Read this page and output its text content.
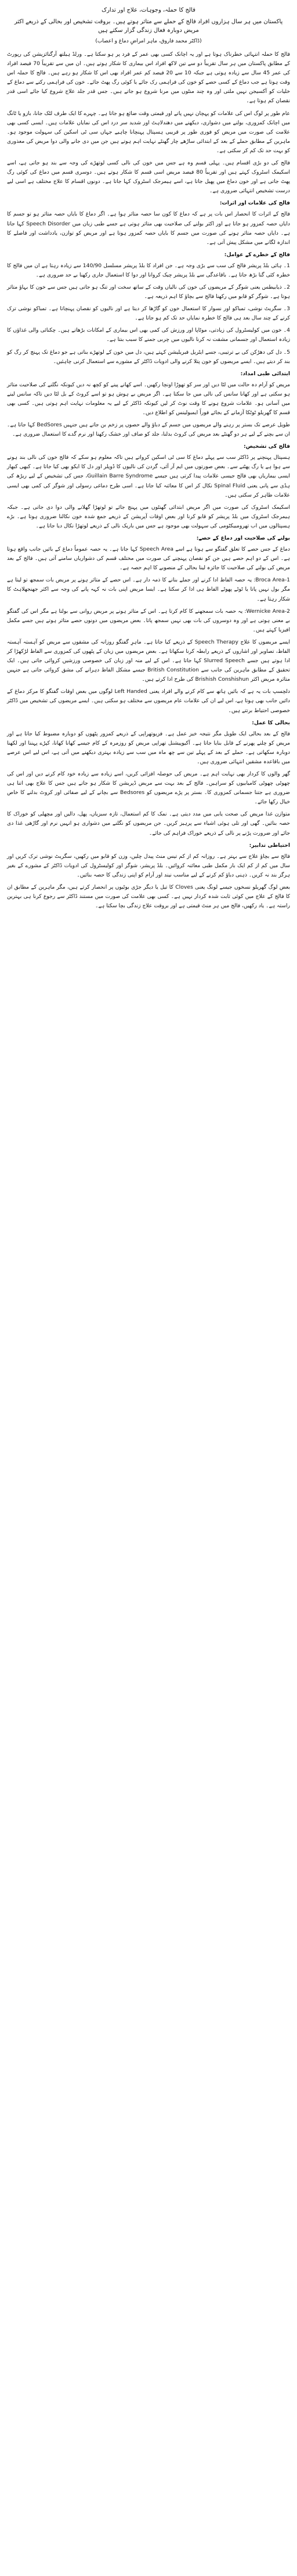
فالج کا حملہ، وجوہات، علاج اور تدارک
پاکستان میں ہر سال ہزاروں افراد فالج کے حملے سے متاثر ہوتے ہیں۔ بروقت تشخیص اور بحالی کے ذریعے اکثر مریض دوبارہ فعال زندگی گزار سکتے ہیں
(ڈاکٹر محمد فاروق، ماہر امراضِ دماغ و اعصاب)

فالج کا حملہ انتہائی خطرناک ہوتا ہے اور یہ اچانک کسی بھی عمر کے فرد پر ہو سکتا ہے۔ ورلڈ ہیلتھ آرگنائزیشن کی رپورٹ کے مطابق پاکستان میں ہر سال تقریباً دو سے تین لاکھ افراد اس بیماری کا شکار ہوتے ہیں۔ ان میں سے تقریباً 70 فیصد افراد کی عمر 45 سال سے زیادہ ہوتی ہے جبکہ 10 سے 20 فیصد کم عمر افراد بھی اس کا شکار ہو رہے ہیں۔ فالج کا حملہ اس وقت ہوتا ہے جب دماغ کے کسی حصے کو خون کی فراہمی رک جائے یا کوئی رگ پھٹ جائے۔ خون کی فراہمی رکنے سے دماغ کے خلیات کو آکسیجن نہیں ملتی اور وہ چند منٹوں میں مرنا شروع ہو جاتے ہیں۔ جس قدر جلد علاج شروع کیا جائے اسی قدر نقصان کم ہوتا ہے۔

عام طور پر لوگ اس کی علامات کو پہچان نہیں پاتے اور قیمتی وقت ضائع ہو جاتا ہے۔ چہرے کا ایک طرف لٹک جانا، بازو یا ٹانگ میں اچانک کمزوری، بولنے میں دشواری، دیکھنے میں دھندلاہٹ اور شدید سر درد اس کی نمایاں علامات ہیں۔ ایسی کسی بھی علامت کی صورت میں مریض کو فوری طور پر قریبی ہسپتال پہنچانا چاہیے جہاں سی ٹی اسکین کی سہولت موجود ہو۔ ماہرین کے مطابق حملے کے بعد کے ابتدائی ساڑھے چار گھنٹے نہایت اہم ہوتے ہیں جن میں دی جانے والی دوا مریض کی معذوری کو بہت حد تک کم کر سکتی ہے۔

فالج کی دو بڑی اقسام ہیں۔ پہلی قسم وہ ہے جس میں خون کی نالی کسی لوتھڑے کی وجہ سے بند ہو جاتی ہے، اسے اسکیمک اسٹروک کہتے ہیں اور تقریباً 80 فیصد مریض اسی قسم کا شکار ہوتے ہیں۔ دوسری قسم میں دماغ کی کوئی رگ پھٹ جاتی ہے اور خون دماغ میں پھیل جاتا ہے، اسے ہیمرجک اسٹروک کہا جاتا ہے۔ دونوں اقسام کا علاج مختلف ہے اسی لیے درست تشخیص انتہائی ضروری ہے۔

فالج کی علامات اور اثرات:

فالج کے اثرات کا انحصار اس بات پر ہے کہ دماغ کا کون سا حصہ متاثر ہوا ہے۔ اگر دماغ کا بایاں حصہ متاثر ہو تو جسم کا دایاں حصہ کمزور ہو جاتا ہے اور اکثر بولنے کی صلاحیت بھی متاثر ہوتی ہے جسے طبی زبان میں Speech Disorder کہا جاتا ہے۔ دایاں حصہ متاثر ہونے کی صورت میں جسم کا بایاں حصہ کمزور ہوتا ہے اور مریض کو توازن، یادداشت اور فاصلے کا اندازہ لگانے میں مشکل پیش آتی ہے۔

فالج کے خطرے کے عوامل:

1۔ ہائی بلڈ پریشر فالج کی سب سے بڑی وجہ ہے۔ جن افراد کا بلڈ پریشر مسلسل 140/90 سے زیادہ رہتا ہے ان میں فالج کا خطرہ کئی گنا بڑھ جاتا ہے۔ باقاعدگی سے بلڈ پریشر چیک کروانا اور دوا کا استعمال جاری رکھنا بے حد ضروری ہے۔

2۔ ذیابیطس یعنی شوگر کے مریضوں کی خون کی نالیاں وقت کے ساتھ سخت اور تنگ ہو جاتی ہیں جس سے خون کا بہاؤ متاثر ہوتا ہے۔ شوگر کو قابو میں رکھنا فالج سے بچاؤ کا اہم ذریعہ ہے۔

3۔ سگریٹ نوشی، تمباکو اور نسوار کا استعمال خون کو گاڑھا کر دیتا ہے اور نالیوں کو نقصان پہنچاتا ہے۔ تمباکو نوشی ترک کرنے کے چند سال بعد ہی فالج کا خطرہ نمایاں حد تک کم ہو جاتا ہے۔

4۔ خون میں کولیسٹرول کی زیادتی، موٹاپا اور ورزش کی کمی بھی اس بیماری کے امکانات بڑھاتے ہیں۔ چکنائی والی غذاؤں کا زیادہ استعمال اور جسمانی مشقت نہ کرنا نالیوں میں چربی جمنے کا سبب بنتا ہے۔

5۔ دل کی دھڑکن کی بے ترتیبی، جسے ایٹریل فبریلیشن کہتے ہیں، دل میں خون کے لوتھڑے بناتی ہے جو دماغ تک پہنچ کر رگ کو بند کر دیتے ہیں۔ ایسے مریضوں کو خون پتلا کرنے والی ادویات ڈاکٹر کے مشورے سے استعمال کرنی چاہئیں۔

ابتدائی طبی امداد:

مریض کو آرام دہ حالت میں لٹا دیں اور سر کو تھوڑا اونچا رکھیں۔ اسے کھانے پینے کو کچھ نہ دیں کیونکہ نگلنے کی صلاحیت متاثر ہو سکتی ہے اور کھانا سانس کی نالی میں جا سکتا ہے۔ اگر مریض بے ہوش ہو تو اسے کروٹ کے بل لٹا دیں تاکہ سانس لینے میں آسانی ہو۔ علامات شروع ہونے کا وقت نوٹ کر لیں کیونکہ ڈاکٹر کے لیے یہ معلومات نہایت اہم ہوتی ہیں۔ کسی بھی قسم کا گھریلو ٹوٹکا آزمانے کے بجائے فوراً ایمبولینس کو اطلاع دیں۔

طویل عرصے تک بستر پر رہنے والے مریضوں میں جسم کے دباؤ والے حصوں پر زخم بن جاتے ہیں جنہیں BedSores کہا جاتا ہے۔ ان سے بچنے کے لیے ہر دو گھنٹے بعد مریض کی کروٹ بدلنا، جلد کو صاف اور خشک رکھنا اور نرم گدے کا استعمال ضروری ہے۔

فالج کی تشخیص:

ہسپتال پہنچنے پر ڈاکٹر سب سے پہلے دماغ کا سی ٹی اسکین کرواتے ہیں تاکہ معلوم ہو سکے کہ فالج خون کی نالی بند ہونے سے ہوا ہے یا رگ پھٹنے سے۔ بعض صورتوں میں ایم آر آئی، گردن کی نالیوں کا ڈوپلر اور دل کا ایکو بھی کیا جاتا ہے۔ کبھی کبھار ایسی بیماریاں بھی فالج جیسی علامات پیدا کرتی ہیں جیسے Guillain Barre Syndrome، جس کی تشخیص کے لیے ریڑھ کی ہڈی سے پانی یعنی Spinal Fluid نکال کر اس کا معائنہ کیا جاتا ہے۔ اسی طرح دماغی رسولی اور شوگر کی کمی بھی ایسی علامات ظاہر کر سکتی ہیں۔

اسکیمک اسٹروک کی صورت میں اگر مریض ابتدائی گھنٹوں میں پہنچ جائے تو لوتھڑا گھلانے والی دوا دی جاتی ہے۔ جبکہ ہیمرجک اسٹروک میں بلڈ پریشر کو قابو کرنا اور بعض اوقات آپریشن کے ذریعے جمع شدہ خون نکالنا ضروری ہوتا ہے۔ بڑے ہسپتالوں میں اب تھرومبیکٹومی کی سہولت بھی موجود ہے جس میں باریک نالی کے ذریعے لوتھڑا نکال دیا جاتا ہے۔

بولنے کی صلاحیت اور دماغ کے حصے:

دماغ کے جس حصے کا تعلق گفتگو سے ہوتا ہے اسے Speech Area کہا جاتا ہے۔ یہ حصہ عموماً دماغ کے بائیں جانب واقع ہوتا ہے۔ اس کے دو اہم حصے ہیں جن کو نقصان پہنچنے کی صورت میں مختلف قسم کی دشواریاں سامنے آتی ہیں۔ فالج کے بعد مریض کی بولنے کی صلاحیت کا جائزہ لینا بحالی کے منصوبے کا اہم حصہ ہے۔

1-Broca Area: یہ حصہ الفاظ ادا کرنے اور جملے بنانے کا ذمہ دار ہے۔ اس حصے کے متاثر ہونے پر مریض بات سمجھ تو لیتا ہے مگر بول نہیں پاتا یا ٹوٹے پھوٹے الفاظ ہی ادا کر سکتا ہے۔ ایسا مریض اپنی بات نہ کہہ پانے کی وجہ سے اکثر جھنجھلاہٹ کا شکار رہتا ہے۔

2-Wernicke Area: یہ حصہ بات سمجھنے کا کام کرتا ہے۔ اس کے متاثر ہونے پر مریض روانی سے بولتا ہے مگر اس کی گفتگو بے معنی ہوتی ہے اور وہ دوسروں کی بات بھی نہیں سمجھ پاتا۔ بعض مریضوں میں دونوں حصے متاثر ہوتے ہیں جسے مکمل افیزیا کہتے ہیں۔

ایسے مریضوں کا علاج Speech Therapy کے ذریعے کیا جاتا ہے۔ ماہرِ گفتگو روزانہ کی مشقوں سے مریض کو آہستہ آہستہ الفاظ، تصاویر اور اشاروں کے ذریعے رابطہ کرنا سکھاتا ہے۔ بعض مریضوں میں زبان کے پٹھوں کی کمزوری سے الفاظ لڑکھڑا کر ادا ہوتے ہیں جسے Slurred Speech کہا جاتا ہے۔ اس کے لیے منہ اور زبان کی خصوصی ورزشیں کروائی جاتی ہیں۔ ایک تحقیق کے مطابق ماہرین کی جانب سے British Constitution جیسے مشکل الفاظ دہرانے کی مشق کروائی جاتی ہے جنہیں متاثرہ مریض اکثر Brishish Conshishun کی طرح ادا کرتے ہیں۔

دلچسپ بات یہ ہے کہ بائیں ہاتھ سے کام کرنے والے افراد یعنی Left Handed لوگوں میں بعض اوقات گفتگو کا مرکز دماغ کے دائیں جانب بھی ہوتا ہے، اس لیے ان کی علامات عام مریضوں سے مختلف ہو سکتی ہیں۔ ایسے مریضوں کی تشخیص میں ڈاکٹر خصوصی احتیاط برتتے ہیں۔

بحالی کا عمل:

فالج کے بعد بحالی ایک طویل مگر نتیجہ خیز عمل ہے۔ فزیوتھراپی کے ذریعے کمزور پٹھوں کو دوبارہ مضبوط کیا جاتا ہے اور مریض کو چلنے پھرنے کے قابل بنایا جاتا ہے۔ آکیوپیشنل تھراپی مریض کو روزمرہ کے کام جیسے کھانا کھانا، کپڑے پہننا اور لکھنا دوبارہ سکھاتی ہے۔ حملے کے بعد کے پہلے تین سے چھ ماہ میں سب سے زیادہ بہتری دیکھنے میں آتی ہے، اس لیے اس عرصے میں باقاعدہ مشقیں انتہائی ضروری ہیں۔

گھر والوں کا کردار بھی نہایت اہم ہے۔ مریض کی حوصلہ افزائی کریں، اسے زیادہ سے زیادہ خود کام کرنے دیں اور اس کی چھوٹی چھوٹی کامیابیوں کو سراہیں۔ فالج کے بعد بہت سے مریض ڈپریشن کا شکار ہو جاتے ہیں جس کا علاج بھی اتنا ہی ضروری ہے جتنا جسمانی کمزوری کا۔ بستر پر پڑے مریضوں کو Bedsores سے بچانے کے لیے صفائی اور کروٹ بدلنے کا خاص خیال رکھا جائے۔

متوازن غذا مریض کی صحت یابی میں مدد دیتی ہے۔ نمک کا کم استعمال، تازہ سبزیاں، پھل، دالیں اور مچھلی کو خوراک کا حصہ بنائیں۔ گھی اور تلی ہوئی اشیاء سے پرہیز کریں۔ جن مریضوں کو نگلنے میں دشواری ہو انہیں نرم اور گاڑھی غذا دی جائے اور ضرورت پڑنے پر نالی کے ذریعے خوراک فراہم کی جائے۔

احتیاطی تدابیر:

فالج سے بچاؤ علاج سے بہتر ہے۔ روزانہ کم از کم تیس منٹ پیدل چلیں، وزن کو قابو میں رکھیں، سگریٹ نوشی ترک کریں اور سال میں کم از کم ایک بار مکمل طبی معائنہ کروائیں۔ بلڈ پریشر، شوگر اور کولیسٹرول کی ادویات ڈاکٹر کے مشورے کے بغیر ہرگز بند نہ کریں۔ ذہنی دباؤ کم کرنے کے لیے مناسب نیند اور آرام کو اپنی زندگی کا حصہ بنائیں۔

بعض لوگ گھریلو نسخوں جیسے لونگ یعنی Cloves کا تیل یا دیگر جڑی بوٹیوں پر انحصار کرتے ہیں، مگر ماہرین کے مطابق ان کا فالج کے علاج میں کوئی ثابت شدہ کردار نہیں ہے۔ کسی بھی علامت کی صورت میں مستند ڈاکٹر سے رجوع کرنا ہی بہترین راستہ ہے۔ یاد رکھیں، فالج میں ہر منٹ قیمتی ہے اور بروقت علاج زندگی بچا سکتا ہے۔
